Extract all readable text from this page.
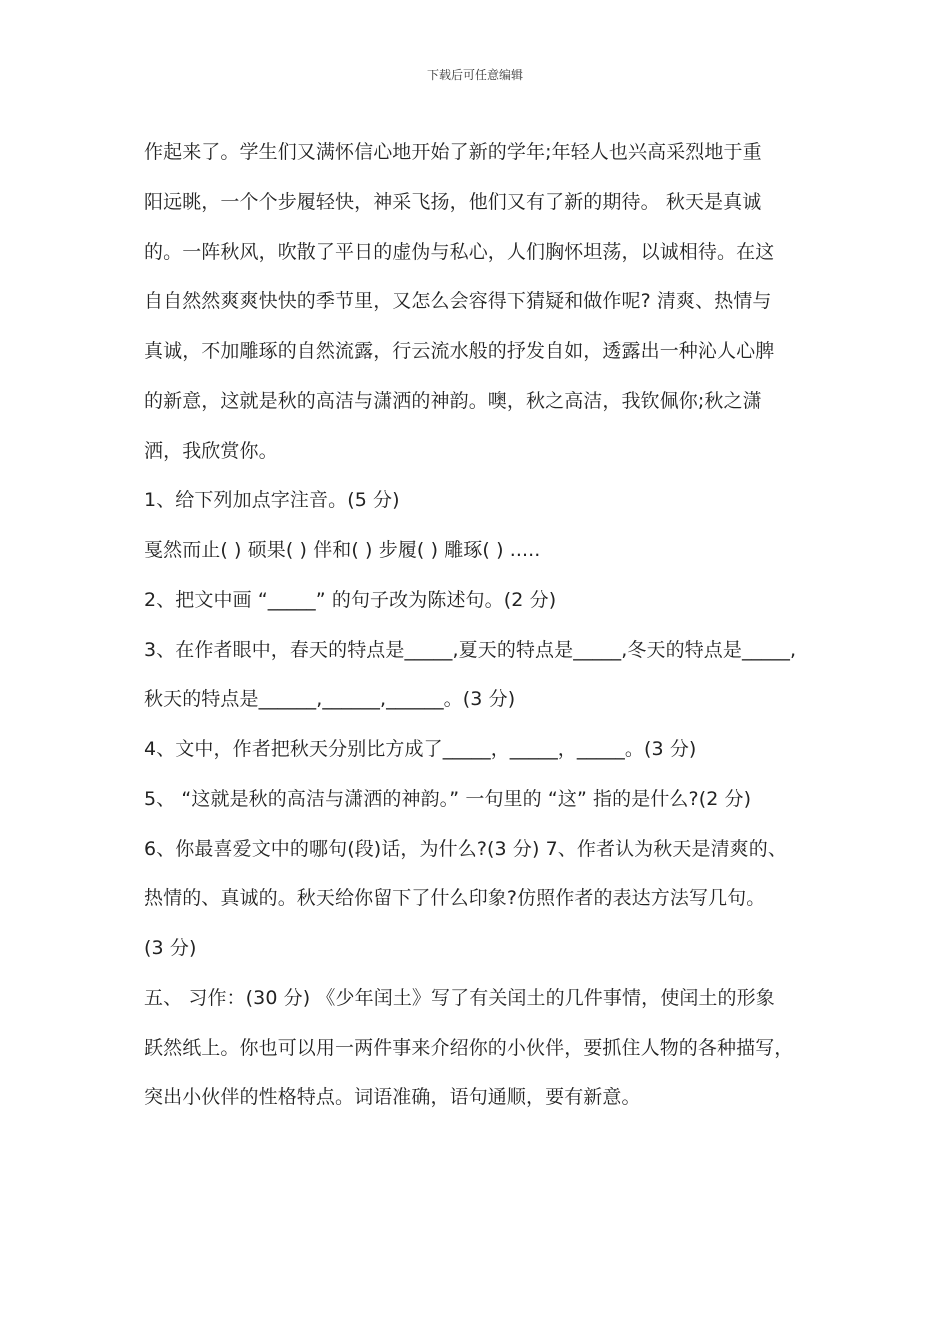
下载后可任意编辑
作起来了。学生们又满怀信心地开始了新的学年;年轻人也兴高采烈地于重
阳远眺，一个个步履轻快，神采飞扬，他们又有了新的期待。 秋天是真诚
的。一阵秋风，吹散了平日的虚伪与私心，人们胸怀坦荡，以诚相待。在这
自自然然爽爽快快的季节里，又怎么会容得下猜疑和做作呢? 清爽、热情与
真诚，不加雕琢的自然流露，行云流水般的抒发自如，透露出一种沁人心脾
的新意，这就是秋的高洁与潇洒的神韵。噢，秋之高洁，我钦佩你;秋之潇
洒，我欣赏你。
1、给下列加点字注音。(5 分)
戛然而止( ) 硕果( ) 伴和( ) 步履( ) 雕琢( ) .....
2、把文中画 “_____” 的句子改为陈述句。(2 分)
3、在作者眼中，春天的特点是_____,夏天的特点是_____,冬天的特点是_____,
秋天的特点是______,______,______。(3 分)
4、文中，作者把秋天分别比方成了_____，_____，_____。(3 分)
5、 “这就是秋的高洁与潇洒的神韵。” 一句里的 “这” 指的是什么?(2 分)
6、你最喜爱文中的哪句(段)话，为什么?(3 分) 7、作者认为秋天是清爽的、
热情的、真诚的。秋天给你留下了什么印象?仿照作者的表达方法写几句。
(3 分)
五、 习作：(30 分) 《少年闰土》写了有关闰土的几件事情，使闰土的形象
跃然纸上。你也可以用一两件事来介绍你的小伙伴，要抓住人物的各种描写，
突出小伙伴的性格特点。词语准确，语句通顺，要有新意。
